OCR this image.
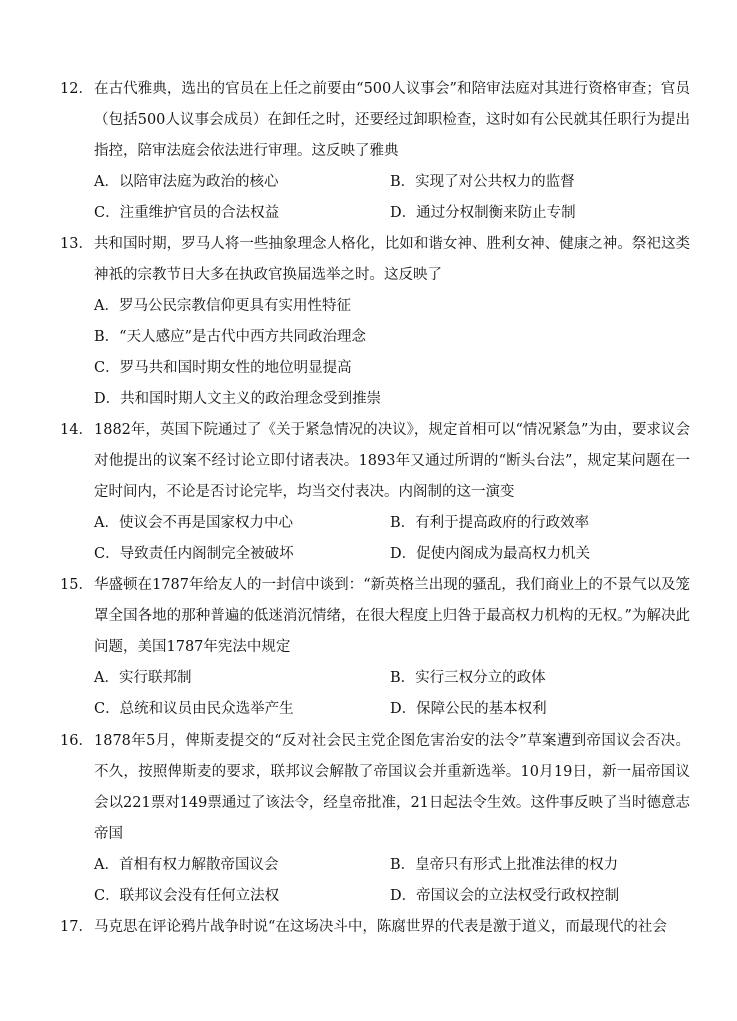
12． 在古代雅典，选出的官员在上任之前要由“500人议事会”和陪审法庭对其进行资格审查；官员（包括500人议事会成员）在卸任之时，还要经过卸职检查，这时如有公民就其任职行为提出指控，陪审法庭会依法进行审理。这反映了雅典
A．以陪审法庭为政治的核心	B．实现了对公共权力的监督
C．注重维护官员的合法权益	D．通过分权制衡来防止专制
13． 共和国时期，罗马人将一些抽象理念人格化，比如和谐女神、胜利女神、健康之神。祭祀这类神祇的宗教节日大多在执政官换届选举之时。这反映了
A．罗马公民宗教信仰更具有实用性特征
B．“天人感应”是古代中西方共同政治理念
C．罗马共和国时期女性的地位明显提高
D．共和国时期人文主义的政治理念受到推崇
14． 1882年，英国下院通过了《关于紧急情况的决议》，规定首相可以“情况紧急”为由，要求议会对他提出的议案不经讨论立即付诸表决。1893年又通过所谓的“断头台法”，规定某问题在一定时间内，不论是否讨论完毕，均当交付表决。内阁制的这一演变
A．使议会不再是国家权力中心	B．有利于提高政府的行政效率
C．导致责任内阁制完全被破坏	D．促使内阁成为最高权力机关
15． 华盛顿在1787年给友人的一封信中谈到：“新英格兰出现的骚乱，我们商业上的不景气以及笼罩全国各地的那种普遍的低迷消沉情绪，在很大程度上归咎于最高权力机构的无权。”为解决此问题，美国1787年宪法中规定
A．实行联邦制	B．实行三权分立的政体
C．总统和议员由民众选举产生	D．保障公民的基本权利
16． 1878年5月，俾斯麦提交的“反对社会民主党企图危害治安的法令”草案遭到帝国议会否决。不久，按照俾斯麦的要求，联邦议会解散了帝国议会并重新选举。10月19日，新一届帝国议会以221票对149票通过了该法令，经皇帝批准，21日起法令生效。这件事反映了当时德意志帝国
A．首相有权力解散帝国议会	B．皇帝只有形式上批准法律的权力
C．联邦议会没有任何立法权	D．帝国议会的立法权受行政权控制
17． 马克思在评论鸦片战争时说“在这场决斗中，陈腐世界的代表是激于道义，而最现代的社会
